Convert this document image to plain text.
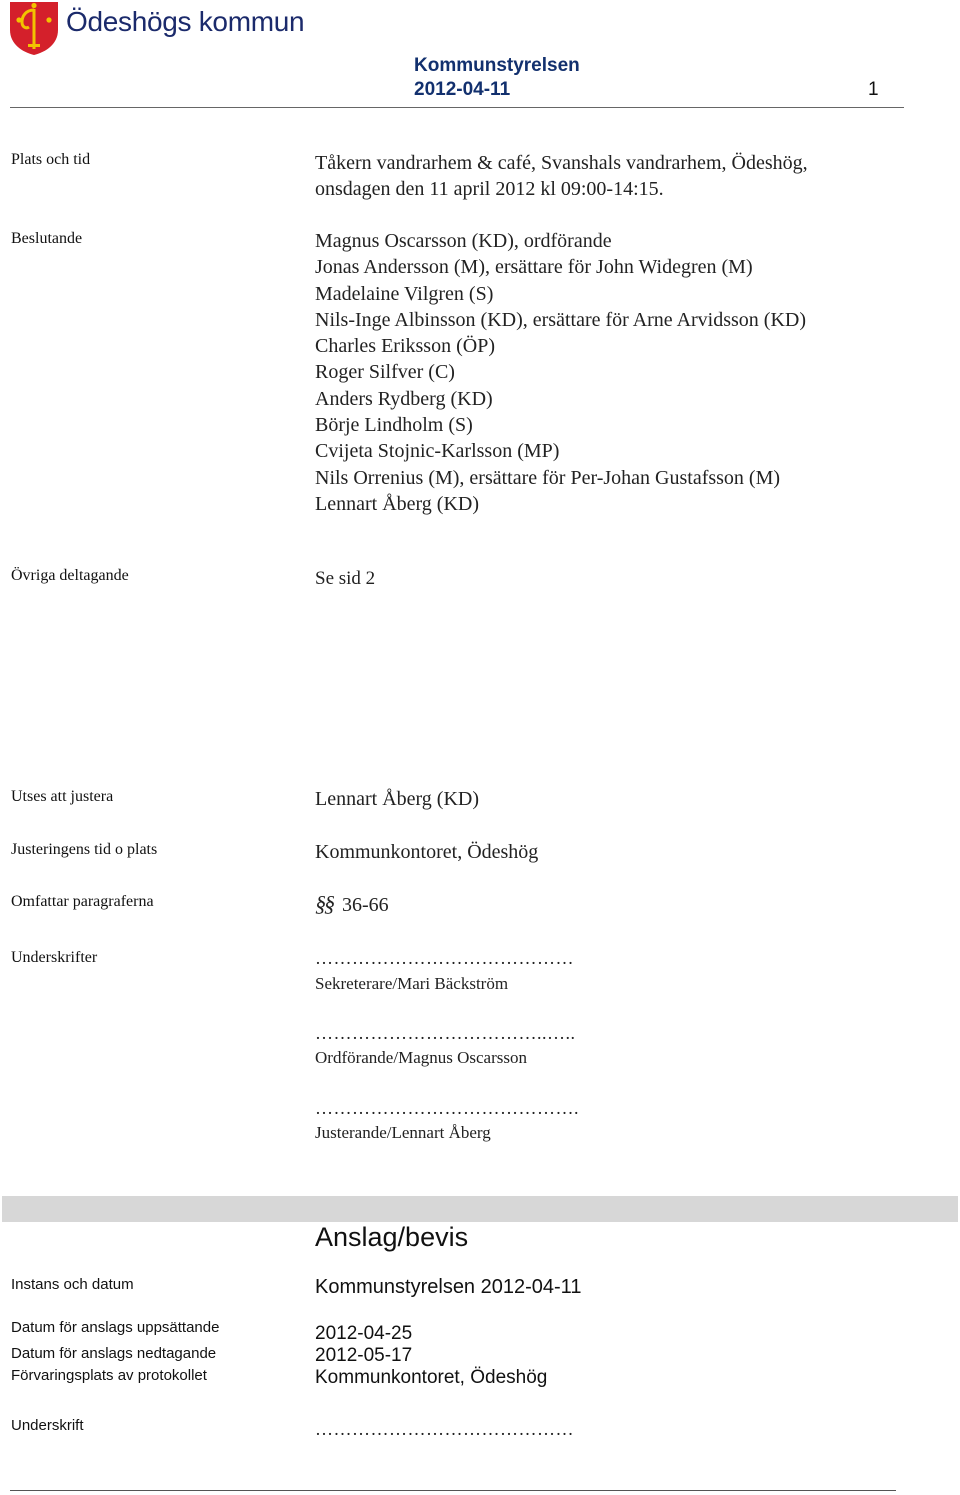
Ödeshögs kommun
Kommunstyrelsen
2012-04-11	1
Plats och tid	Tåkern vandrarhem & café, Svanshals vandrarhem, Ödeshög,
onsdagen den 11 april 2012 kl 09:00-14:15.
Beslutande	Magnus Oscarsson (KD), ordförande
Jonas Andersson (M), ersättare för John Widegren (M)
Madelaine Vilgren (S)
Nils-Inge Albinsson (KD), ersättare för Arne Arvidsson (KD)
Charles Eriksson (ÖP)
Roger Silfver (C)
Anders Rydberg (KD)
Börje Lindholm (S)
Cvijeta Stojnic-Karlsson (MP)
Nils Orrenius (M), ersättare för Per-Johan Gustafsson (M)
Lennart Åberg (KD)
Övriga deltagande	Se sid 2
Utses att justera	Lennart Åberg (KD)
Justeringens tid o plats	Kommunkontoret, Ödeshög
Omfattar paragraferna	§§ 36-66
Underskrifter	……………………………………
Sekreterare/Mari Bäckström
………………………………..…..
Ordförande/Magnus Oscarsson
…………………………………….
Justerande/Lennart Åberg
Anslag/bevis
Instans och datum	Kommunstyrelsen 2012-04-11
Datum för anslags uppsättande	2012-04-25
Datum för anslags nedtagande	2012-05-17
Förvaringsplats av protokollet	Kommunkontoret, Ödeshög
Underskrift	……………………………………
